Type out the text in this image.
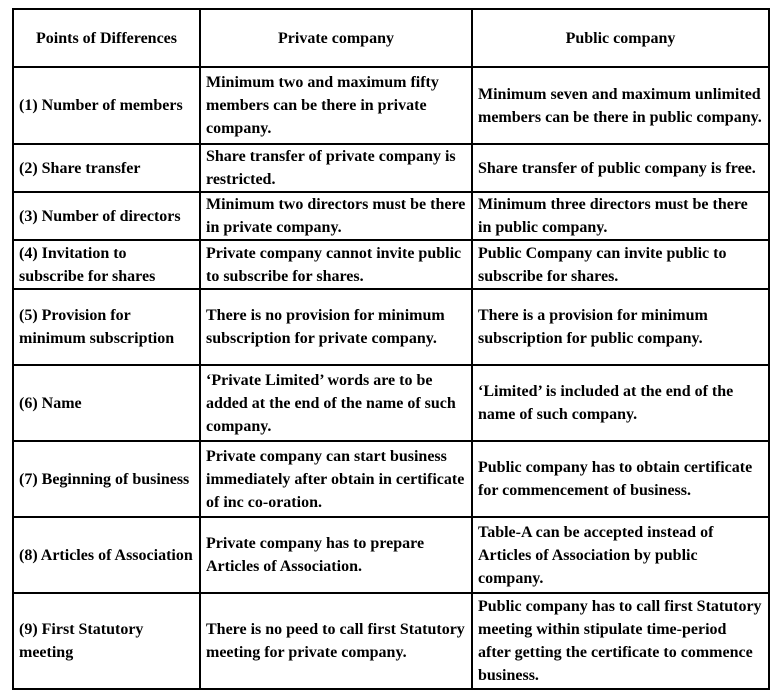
Points of Differences	Private company	Public company
(1) Number of members	Minimum two and maximum fifty members can be there in private company.	Minimum seven and maximum unlimited members can be there in public company.
(2) Share transfer	Share transfer of private company is restricted.	Share transfer of public company is free.
(3) Number of directors	Minimum two directors must be there in private company.	Minimum three directors must be there in public company.
(4) Invitation to subscribe for shares	Private company cannot invite public to subscribe for shares.	Public Company can invite public to subscribe for shares.
(5) Provision for minimum subscription	There is no provision for minimum subscription for private company.	There is a provision for minimum subscription for public company.
(6) Name	‘Private Limited’ words are to be added at the end of the name of such company.	‘Limited’ is included at the end of the name of such company.
(7) Beginning of business	Private company can start business immediately after obtain in certificate of inc co-oration.	Public company has to obtain certificate for commencement of business.
(8) Articles of Association	Private company has to prepare Articles of Association.	Table-A can be accepted instead of Articles of Association by public company.
(9) First Statutory meeting	There is no peed to call first Statutory meeting for private company.	Public company has to call first Statutory meeting within stipulate time-period after getting the certificate to commence business.
